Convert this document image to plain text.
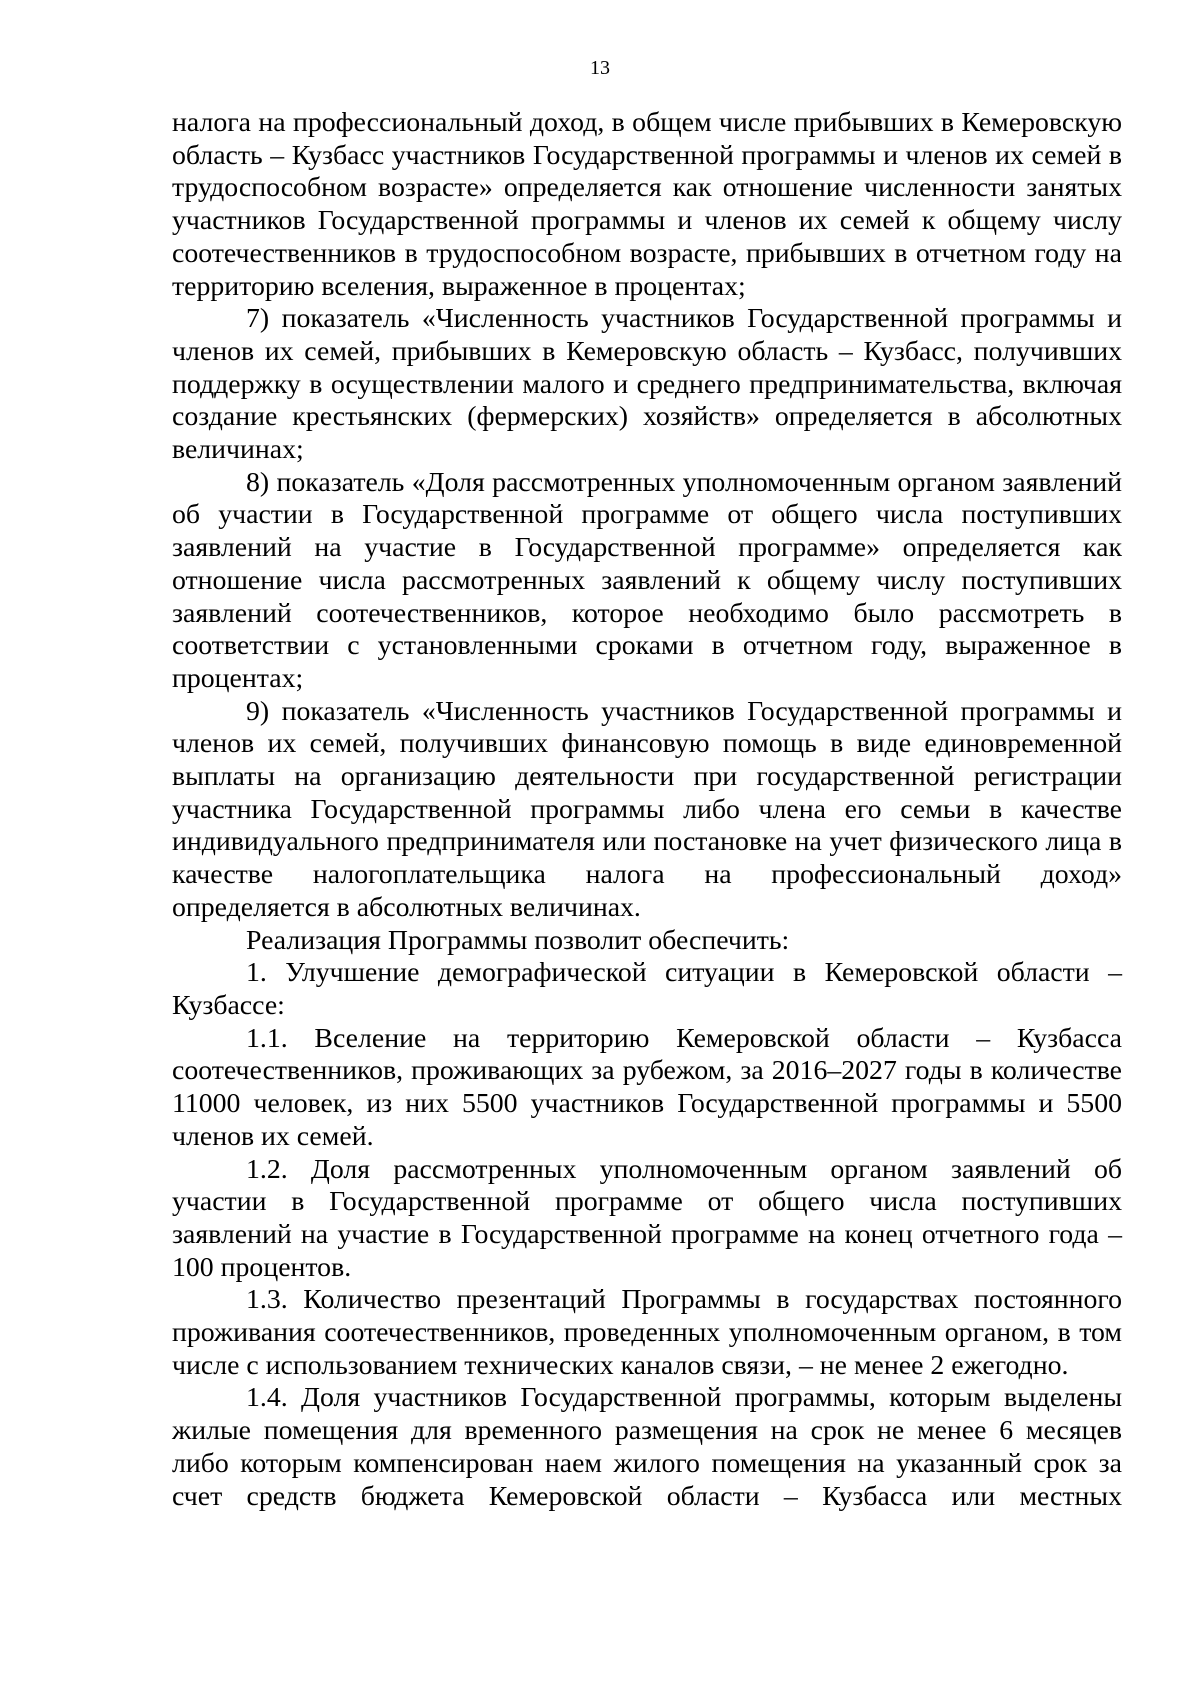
13

налога на профессиональный доход, в общем числе прибывших в Кемеровскую область – Кузбасс участников Государственной программы и членов их семей в трудоспособном возрасте» определяется как отношение численности занятых участников Государственной программы и членов их семей к общему числу соотечественников в трудоспособном возрасте, прибывших в отчетном году на территорию вселения, выраженное в процентах;

7) показатель «Численность участников Государственной программы и членов их семей, прибывших в Кемеровскую область – Кузбасс, получивших поддержку в осуществлении малого и среднего предпринимательства, включая создание крестьянских (фермерских) хозяйств» определяется в абсолютных величинах;

8) показатель «Доля рассмотренных уполномоченным органом заявлений об участии в Государственной программе от общего числа поступивших заявлений на участие в Государственной программе» определяется как отношение числа рассмотренных заявлений к общему числу поступивших заявлений соотечественников, которое необходимо было рассмотреть в соответствии с установленными сроками в отчетном году, выраженное в процентах;

9) показатель «Численность участников Государственной программы и членов их семей, получивших финансовую помощь в виде единовременной выплаты на организацию деятельности при государственной регистрации участника Государственной программы либо члена его семьи в качестве индивидуального предпринимателя или постановке на учет физического лица в качестве налогоплательщика налога на профессиональный доход» определяется в абсолютных величинах.

Реализация Программы позволит обеспечить:

1. Улучшение демографической ситуации в Кемеровской области – Кузбассе:

1.1. Вселение на территорию Кемеровской области – Кузбасса соотечественников, проживающих за рубежом, за 2016–2027 годы в количестве 11000 человек, из них 5500 участников Государственной программы и 5500 членов их семей.

1.2. Доля рассмотренных уполномоченным органом заявлений об участии в Государственной программе от общего числа поступивших заявлений на участие в Государственной программе на конец отчетного года – 100 процентов.

1.3. Количество презентаций Программы в государствах постоянного проживания соотечественников, проведенных уполномоченным органом, в том числе с использованием технических каналов связи, – не менее 2 ежегодно.

1.4. Доля участников Государственной программы, которым выделены жилые помещения для временного размещения на срок не менее 6 месяцев либо которым компенсирован наем жилого помещения на указанный срок за счет средств бюджета Кемеровской области – Кузбасса или местных
